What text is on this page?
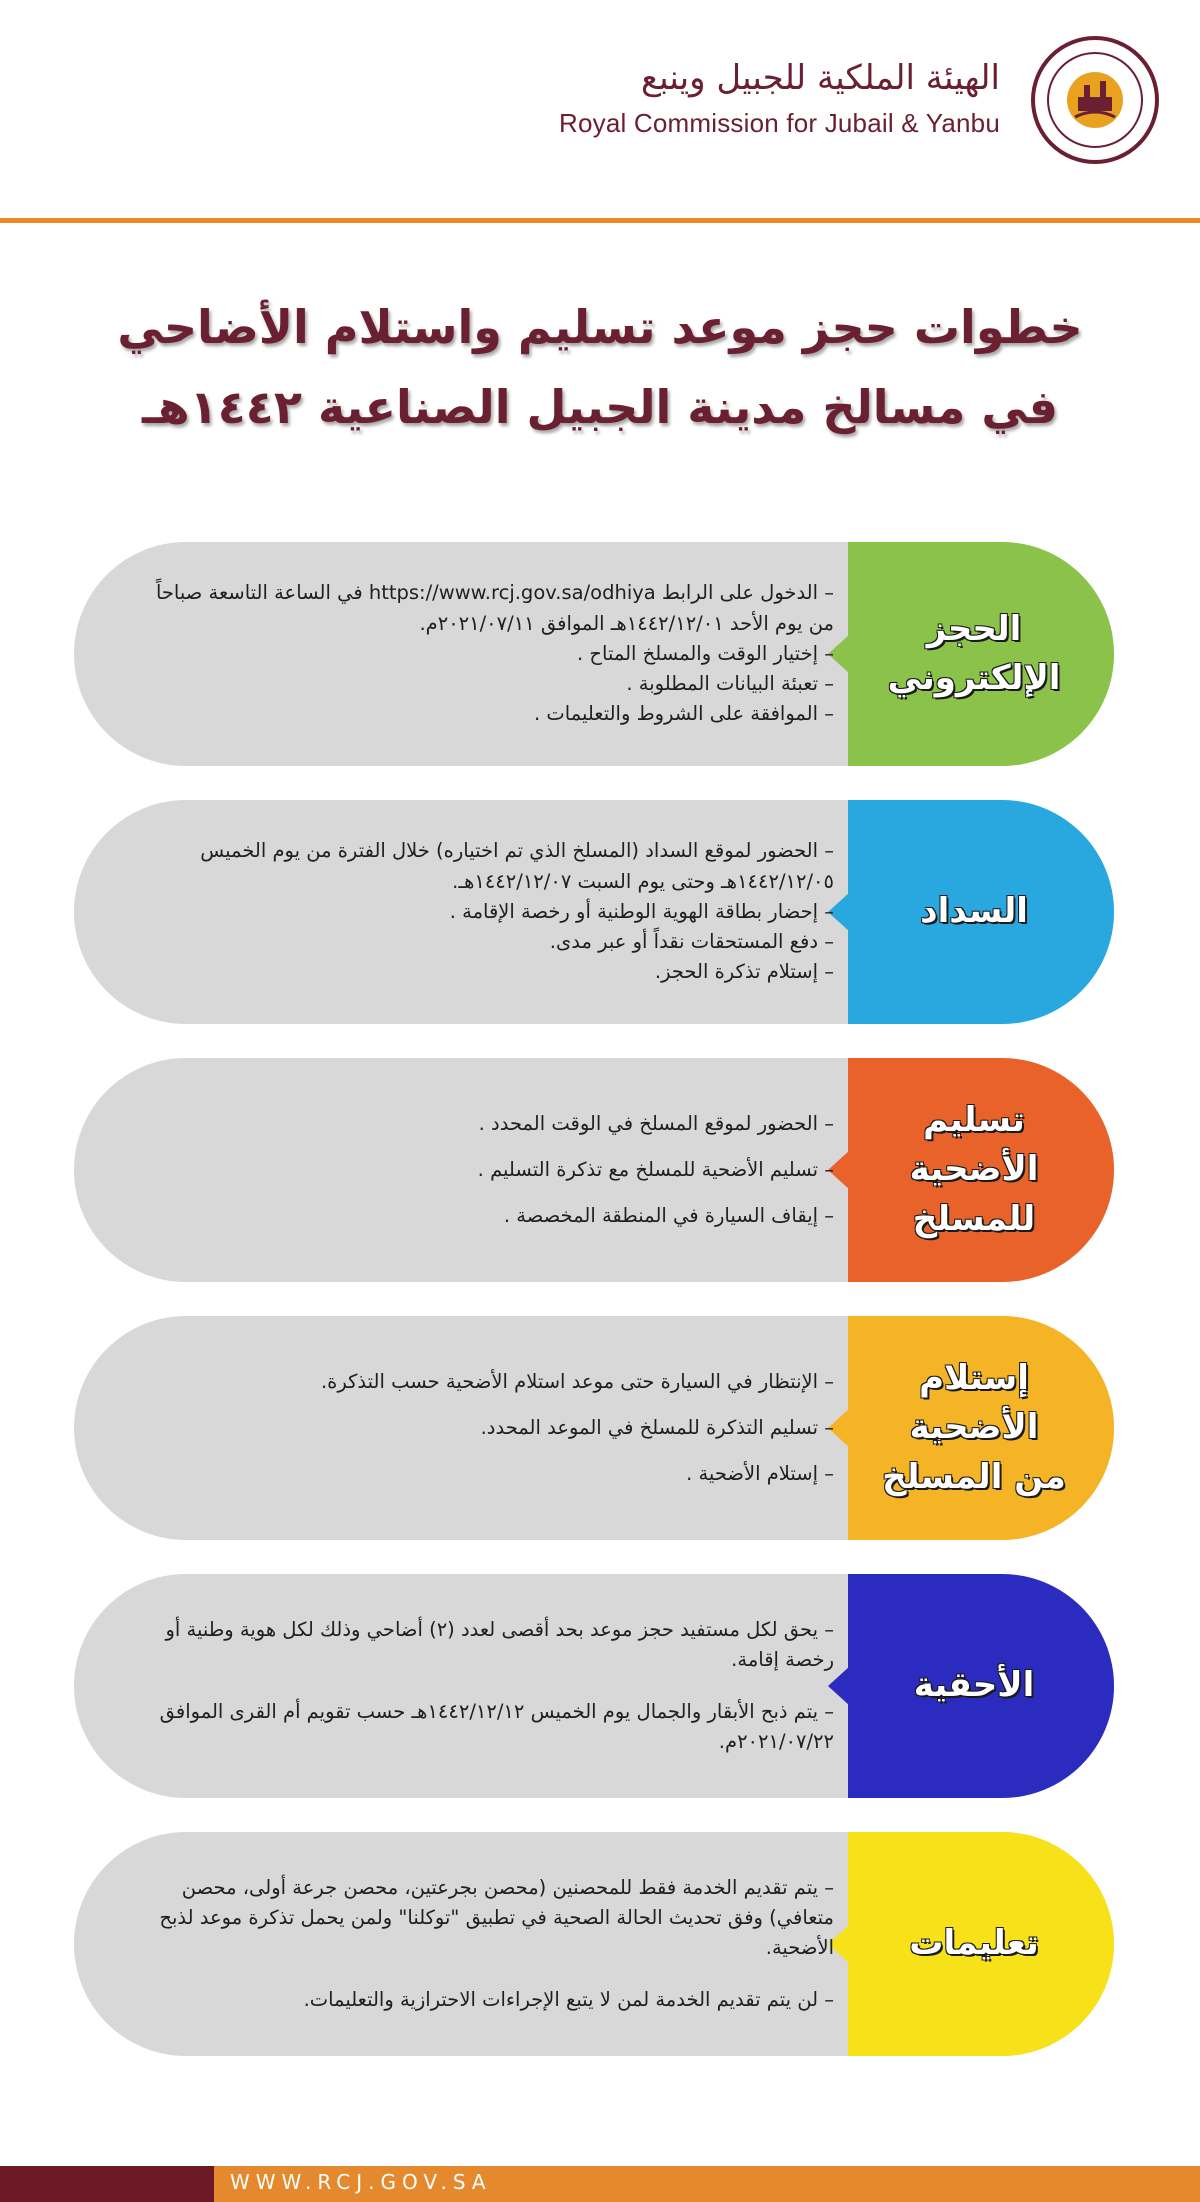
الهيئة الملكية للجبيل وينبع
Royal Commission for Jubail & Yanbu
خطوات حجز موعد تسليم واستلام الأضاحي
في مسالخ مدينة الجبيل الصناعية ١٤٤٢هـ
الحجز
الإلكتروني

– الدخول على الرابط https://www.rcj.gov.sa/odhiya في الساعة التاسعة صباحاً من يوم الأحد ١٤٤٢/١٢/٠١هـ الموافق ٢٠٢١/٠٧/١١م.

– إختيار الوقت والمسلخ المتاح .

– تعبئة البيانات المطلوبة .

– الموافقة على الشروط والتعليمات .

السداد

– الحضور لموقع السداد (المسلخ الذي تم اختياره) خلال الفترة من يوم الخميس ١٤٤٢/١٢/٠٥هـ وحتى يوم السبت ١٤٤٢/١٢/٠٧هـ.

– إحضار بطاقة الهوية الوطنية أو رخصة الإقامة .

– دفع المستحقات نقداً أو عبر مدى.

– إستلام تذكرة الحجز.

تسليم الأضحية
للمسلخ

– الحضور لموقع المسلخ في الوقت المحدد .

– تسليم الأضحية للمسلخ مع تذكرة التسليم .

– إيقاف السيارة في المنطقة المخصصة .

إستلام الأضحية
من المسلخ

– الإنتظار في السيارة حتى موعد استلام الأضحية حسب التذكرة.

– تسليم التذكرة للمسلخ في الموعد المحدد.

– إستلام الأضحية .

الأحقية

– يحق لكل مستفيد حجز موعد بحد أقصى لعدد (٢) أضاحي وذلك لكل هوية وطنية أو رخصة إقامة.

– يتم ذبح الأبقار والجمال يوم الخميس ١٤٤٢/١٢/١٢هـ حسب تقويم أم القرى الموافق ٢٠٢١/٠٧/٢٢م.

تعليمات

– يتم تقديم الخدمة فقط للمحصنين (محصن بجرعتين، محصن جرعة أولى، محصن متعافي) وفق تحديث الحالة الصحية في تطبيق "توكلنا" ولمن يحمل تذكرة موعد لذبح الأضحية.

– لن يتم تقديم الخدمة لمن لا يتبع الإجراءات الاحترازية والتعليمات.

WWW.RCJ.GOV.SA
